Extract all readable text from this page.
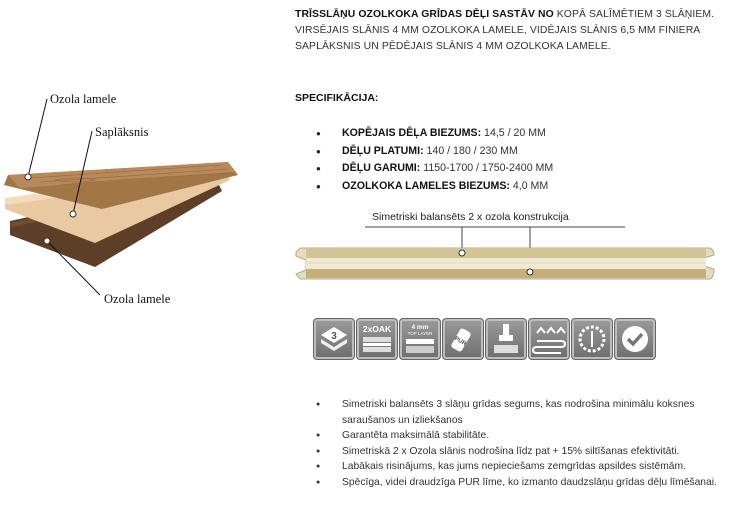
TRĪSSLĀŅU OZOLKOKA GRĪDAS DĒĻI SASTĀV NO KOPĀ SALĪMĒTIEM 3 SLĀŅIEM. VIRSĒJAIS SLĀNIS 4 MM OZOLKOKA LAMELE, VIDĒJAIS SLĀNIS 6,5 MM FINIERA SAPLĀKSNIS UN PĒDĒJAIS SLĀNIS 4 MM OZOLKOKA LAMELE.
Ozola lamele
Saplāksnis
Ozola lamele
SPECIFIKĀCIJA:
● KOPĒJAIS DĒĻA BIEZUMS: 14,5 / 20 MM
● DĒĻU PLATUMI: 140 / 180 / 230 MM
● DĒĻU GARUMI: 1150-1700 / 1750-2400 MM
● OZOLKOKA LAMELES BIEZUMS: 4,0 MM
Simetriski balansēts 2 x ozola konstrukcija
3
2xOAK	4 mm
TOP LAYER
PUR
● Simetriski balansēts 3 slāņu grīdas segums, kas nodrošina minimālu koksnes saraušanos un izliekšanos
● Garantēta maksimālā stabilitāte.
● Simetriskā 2 x Ozola slānis nodrošina līdz pat + 15% siltīšanas efektivitāti.
● Labākais risinājums, kas jums nepieciešams zemgrīdas apsildes sistēmām.
● Spēcīga, videi draudzīga PUR līme, ko izmanto daudzslāņu grīdas dēļu līmēšanai.
